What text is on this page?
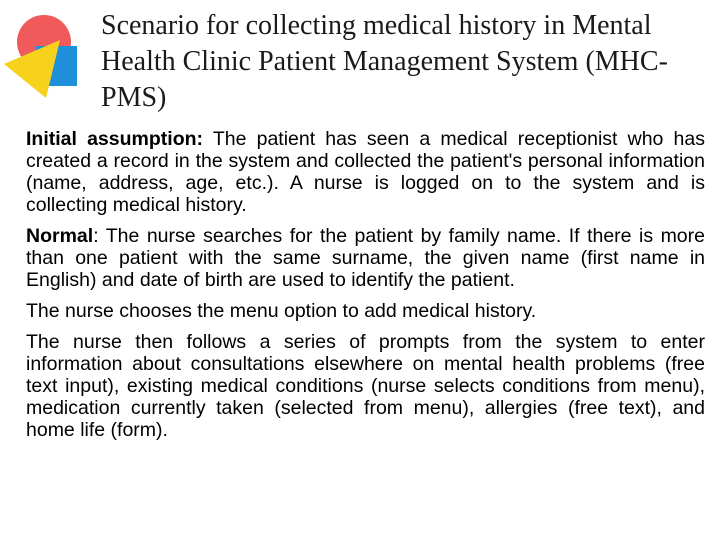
Scenario for collecting medical history in Mental Health Clinic Patient Management System (MHC-PMS)

Initial assumption: The patient has seen a medical receptionist who has created a record in the system and collected the patient's personal information (name, address, age, etc.). A nurse is logged on to the system and is collecting medical history.

Normal: The nurse searches for the patient by family name. If there is more than one patient with the same surname, the given name (first name in English) and date of birth are used to identify the patient.

The nurse chooses the menu option to add medical history.

The nurse then follows a series of prompts from the system to enter information about consultations elsewhere on mental health problems (free text input), existing medical conditions (nurse selects conditions from menu), medication currently taken (selected from menu), allergies (free text), and home life (form).
